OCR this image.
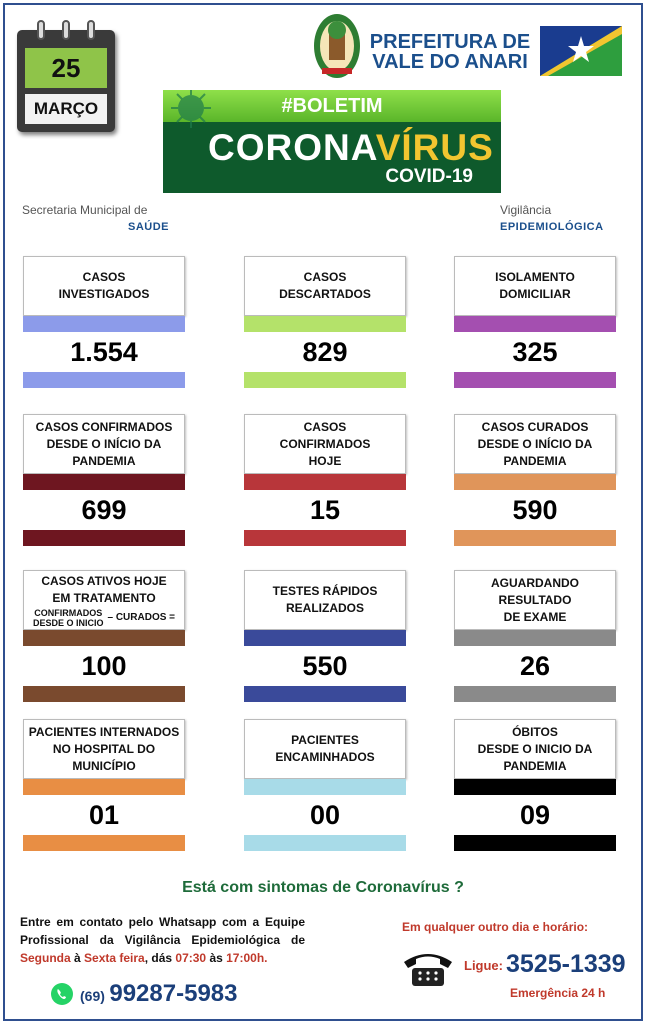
25
MARÇO
PREFEITURA DE
VALE DO ANARI
#BOLETIM
CORONAVÍRUS
COVID-19
Secretaria Municipal de
SAÚDE
Vigilância
EPIDEMIOLÓGICA
CASOS
INVESTIGADOS
1.554
CASOS
DESCARTADOS
829
ISOLAMENTO
DOMICILIAR
325
CASOS CONFIRMADOS
DESDE O INÍCIO DA
PANDEMIA
699
CASOS
CONFIRMADOS
HOJE
15
CASOS CURADOS
DESDE O INÍCIO DA
PANDEMIA
590
CASOS ATIVOS HOJE
EM TRATAMENTO
CONFIRMADOS
DESDE O INICIO – CURADOS =
100
TESTES RÁPIDOS
REALIZADOS
550
AGUARDANDO
RESULTADO
DE EXAME
26
PACIENTES INTERNADOS
NO HOSPITAL DO
MUNICÍPIO
01
PACIENTES
ENCAMINHADOS
00
ÓBITOS
DESDE O INICIO DA
PANDEMIA
09
Está com sintomas de Coronavírus ?
Entre em contato pelo Whatsapp com a Equipe Profissional da Vigilância Epidemiológica de Segunda à Sexta feira, dás 07:30 às 17:00h.
(69) 99287-5983
Em qualquer outro dia e horário:
Ligue: 3525-1339
Emergência 24 h
